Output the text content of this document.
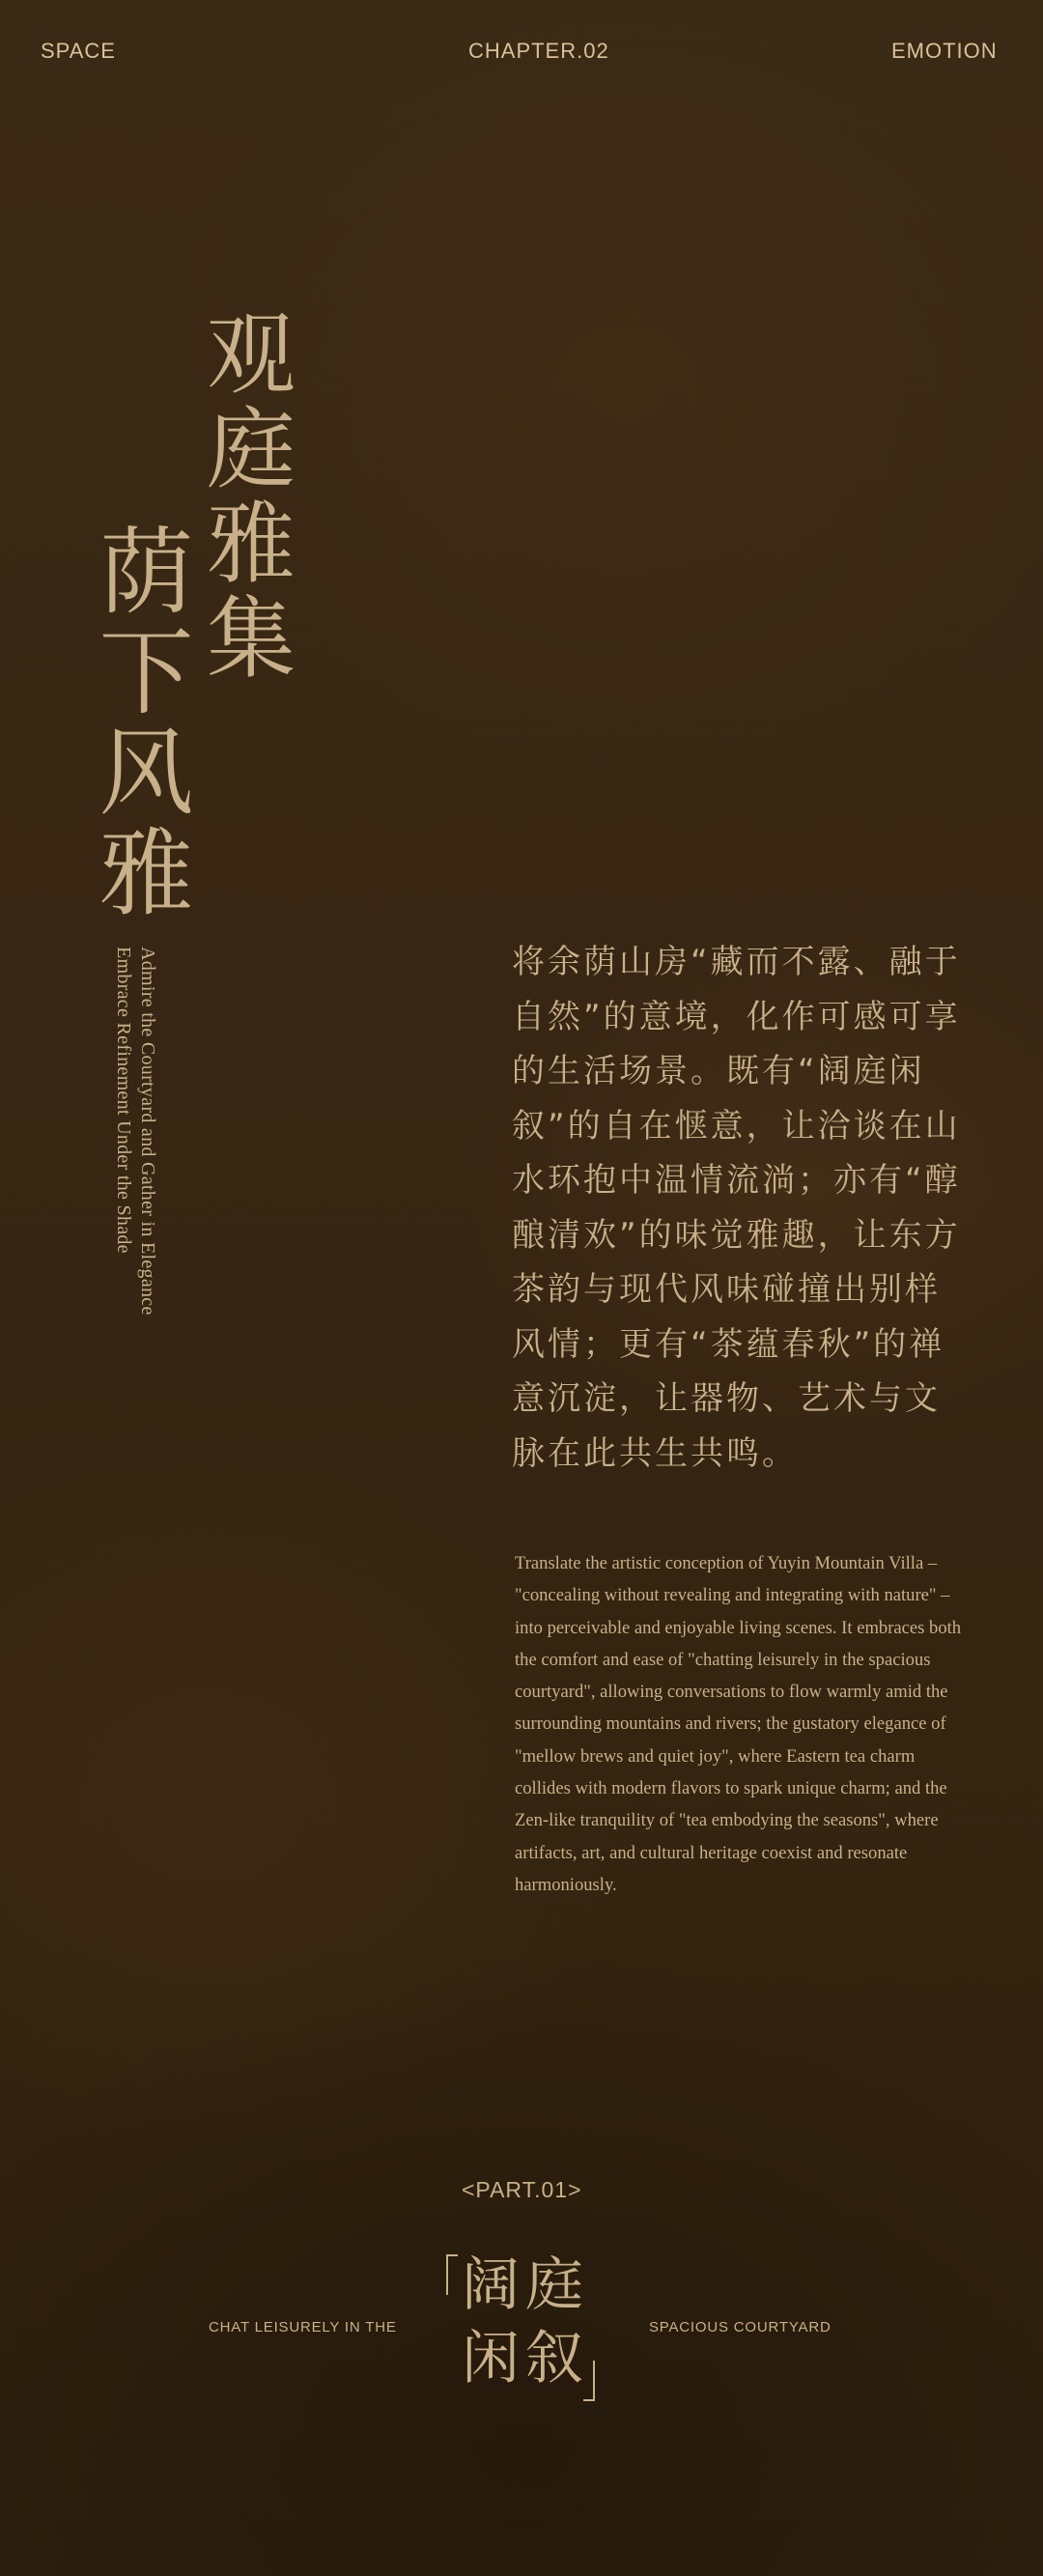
SPACE	CHAPTER.02	EMOTION
观庭雅集
荫下风雅
Admire the Courtyard and Gather in Elegance
Embrace Refinement Under the Shade	将余荫山房“藏而不露、融于自然”的意境，化作可感可享的生活场景。既有“阔庭闲叙”的自在惬意，让洽谈在山水环抱中温情流淌；亦有“醇酿清欢”的味觉雅趣，让东方茶韵与现代风味碰撞出别样风情；更有“茶蕴春秋”的禅意沉淀，让器物、艺术与文脉在此共生共鸣。

Translate the artistic conception of Yuyin Mountain Villa – "concealing without revealing and integrating with nature" – into perceivable and enjoyable living scenes. It embraces both the comfort and ease of "chatting leisurely in the spacious courtyard", allowing conversations to flow warmly amid the surrounding mountains and rivers; the gustatory elegance of "mellow brews and quiet joy", where Eastern tea charm collides with modern flavors to spark unique charm; and the Zen-like tranquility of "tea embodying the seasons", where artifacts, art, and cultural heritage coexist and resonate harmoniously.

<PART.01>
CHAT LEISURELY IN THE	SPACIOUS COURTYARD
阔庭
闲叙
